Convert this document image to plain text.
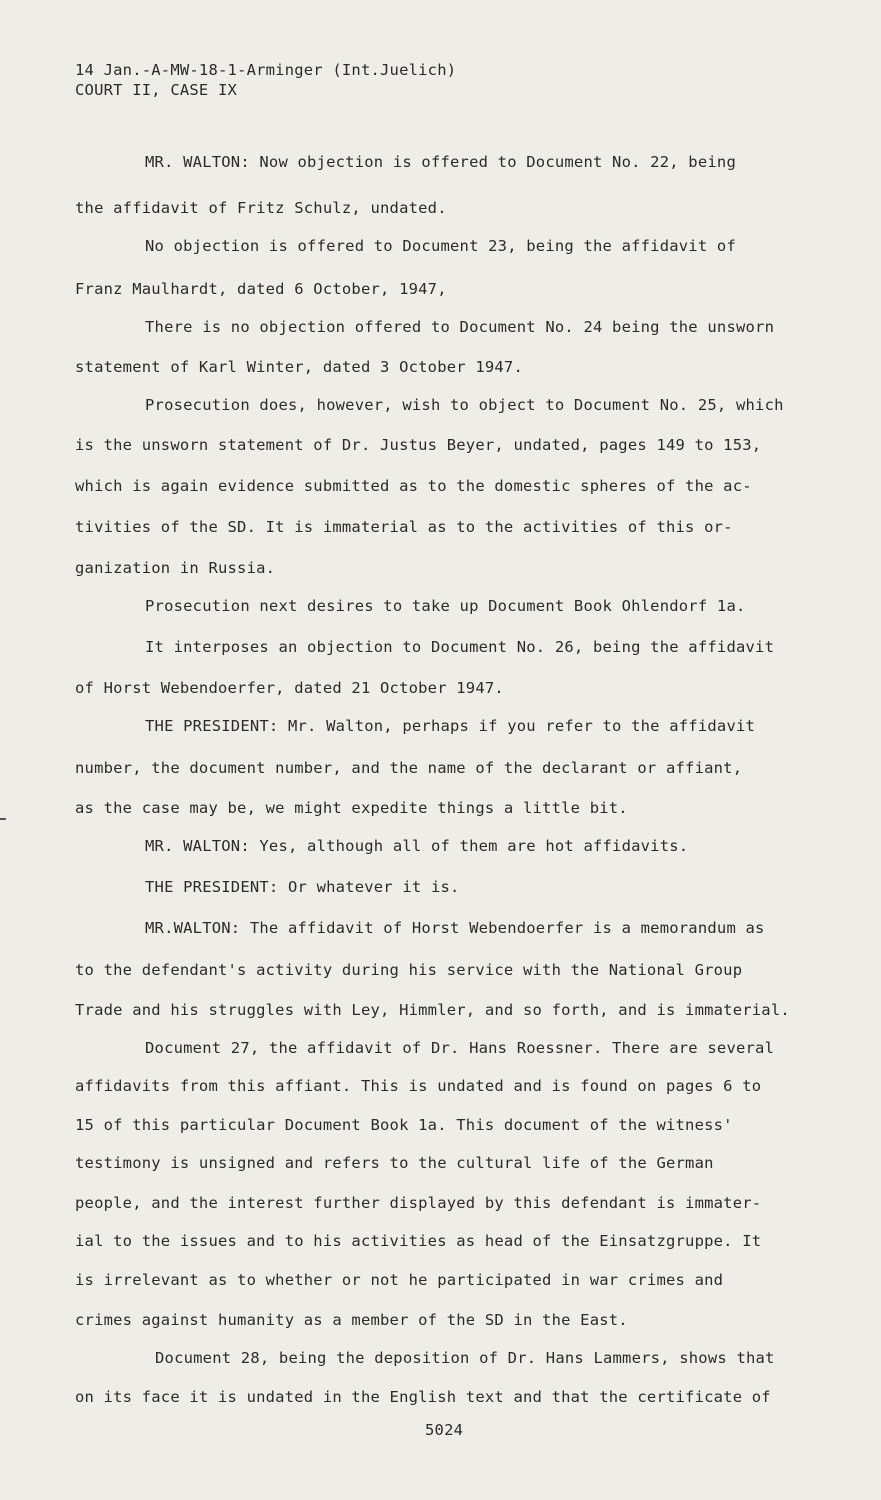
14 Jan.-A-MW-18-1-Arminger (Int.Juelich)
COURT II, CASE IX
MR. WALTON: Now objection is offered to Document No. 22, being
the affidavit of Fritz Schulz, undated.
No objection is offered to Document 23, being the affidavit of
Franz Maulhardt, dated 6 October, 1947,
There is no objection offered to Document No. 24 being the unsworn
statement of Karl Winter, dated 3 October 1947.
Prosecution does, however, wish to object to Document No. 25, which
is the unsworn statement of Dr. Justus Beyer, undated, pages 149 to 153,
which is again evidence submitted as to the domestic spheres of the ac-
tivities of the SD. It is immaterial as to the activities of this or-
ganization in Russia.
Prosecution next desires to take up Document Book Ohlendorf 1a.
It interposes an objection to Document No. 26, being the affidavit
of Horst Webendoerfer, dated 21 October 1947.
THE PRESIDENT: Mr. Walton, perhaps if you refer to the affidavit
number, the document number, and the name of the declarant or affiant,
as the case may be, we might expedite things a little bit.
MR. WALTON: Yes, although all of them are hot affidavits.
THE PRESIDENT: Or whatever it is.
MR.WALTON: The affidavit of Horst Webendoerfer is a memorandum as
to the defendant's activity during his service with the National Group
Trade and his struggles with Ley, Himmler, and so forth, and is immaterial.
Document 27, the affidavit of Dr. Hans Roessner. There are several
affidavits from this affiant. This is undated and is found on pages 6 to
15 of this particular Document Book 1a. This document of the witness'
testimony is unsigned and refers to the cultural life of the German
people, and the interest further displayed by this defendant is immater-
ial to the issues and to his activities as head of the Einsatzgruppe. It
is irrelevant as to whether or not he participated in war crimes and
crimes against humanity as a member of the SD in the East.
Document 28, being the deposition of Dr. Hans Lammers, shows that
on its face it is undated in the English text and that the certificate of
5024
